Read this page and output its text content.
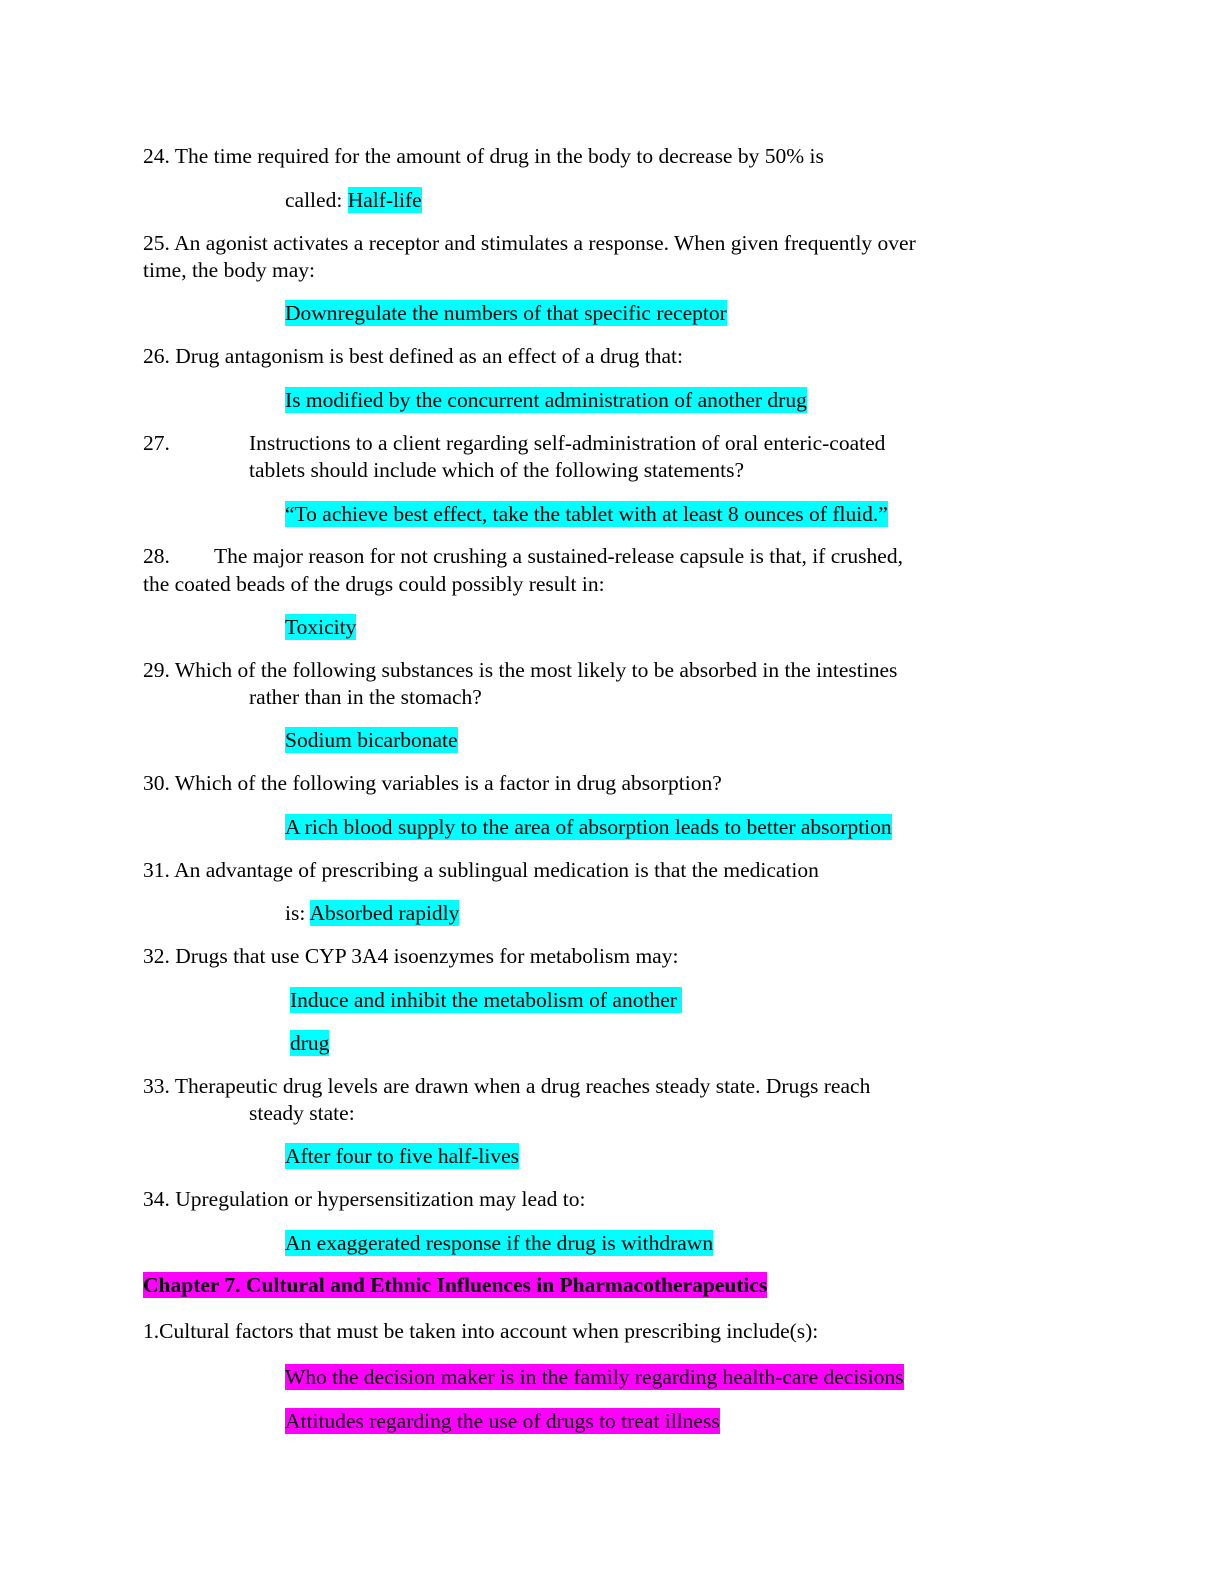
24. The time required for the amount of drug in the body to decrease by 50% is
called: Half-life
25. An agonist activates a receptor and stimulates a response. When given frequently over
time, the body may:
Downregulate the numbers of that specific receptor
26. Drug antagonism is best defined as an effect of a drug that:
Is modified by the concurrent administration of another drug
27.	Instructions to a client regarding self-administration of oral enteric-coated
tablets should include which of the following statements?
“To achieve best effect, take the tablet with at least 8 ounces of fluid.”
28. The major reason for not crushing a sustained-release capsule is that, if crushed,
the coated beads of the drugs could possibly result in:
Toxicity
29. Which of the following substances is the most likely to be absorbed in the intestines
rather than in the stomach?
Sodium bicarbonate
30. Which of the following variables is a factor in drug absorption?
A rich blood supply to the area of absorption leads to better absorption
31. An advantage of prescribing a sublingual medication is that the medication
is: Absorbed rapidly
32. Drugs that use CYP 3A4 isoenzymes for metabolism may:
Induce and inhibit the metabolism of another
drug
33. Therapeutic drug levels are drawn when a drug reaches steady state. Drugs reach
steady state:
After four to five half-lives
34. Upregulation or hypersensitization may lead to:
An exaggerated response if the drug is withdrawn
Chapter 7. Cultural and Ethnic Influences in Pharmacotherapeutics
1.Cultural factors that must be taken into account when prescribing include(s):
Who the decision maker is in the family regarding health-care decisions
Attitudes regarding the use of drugs to treat illness
